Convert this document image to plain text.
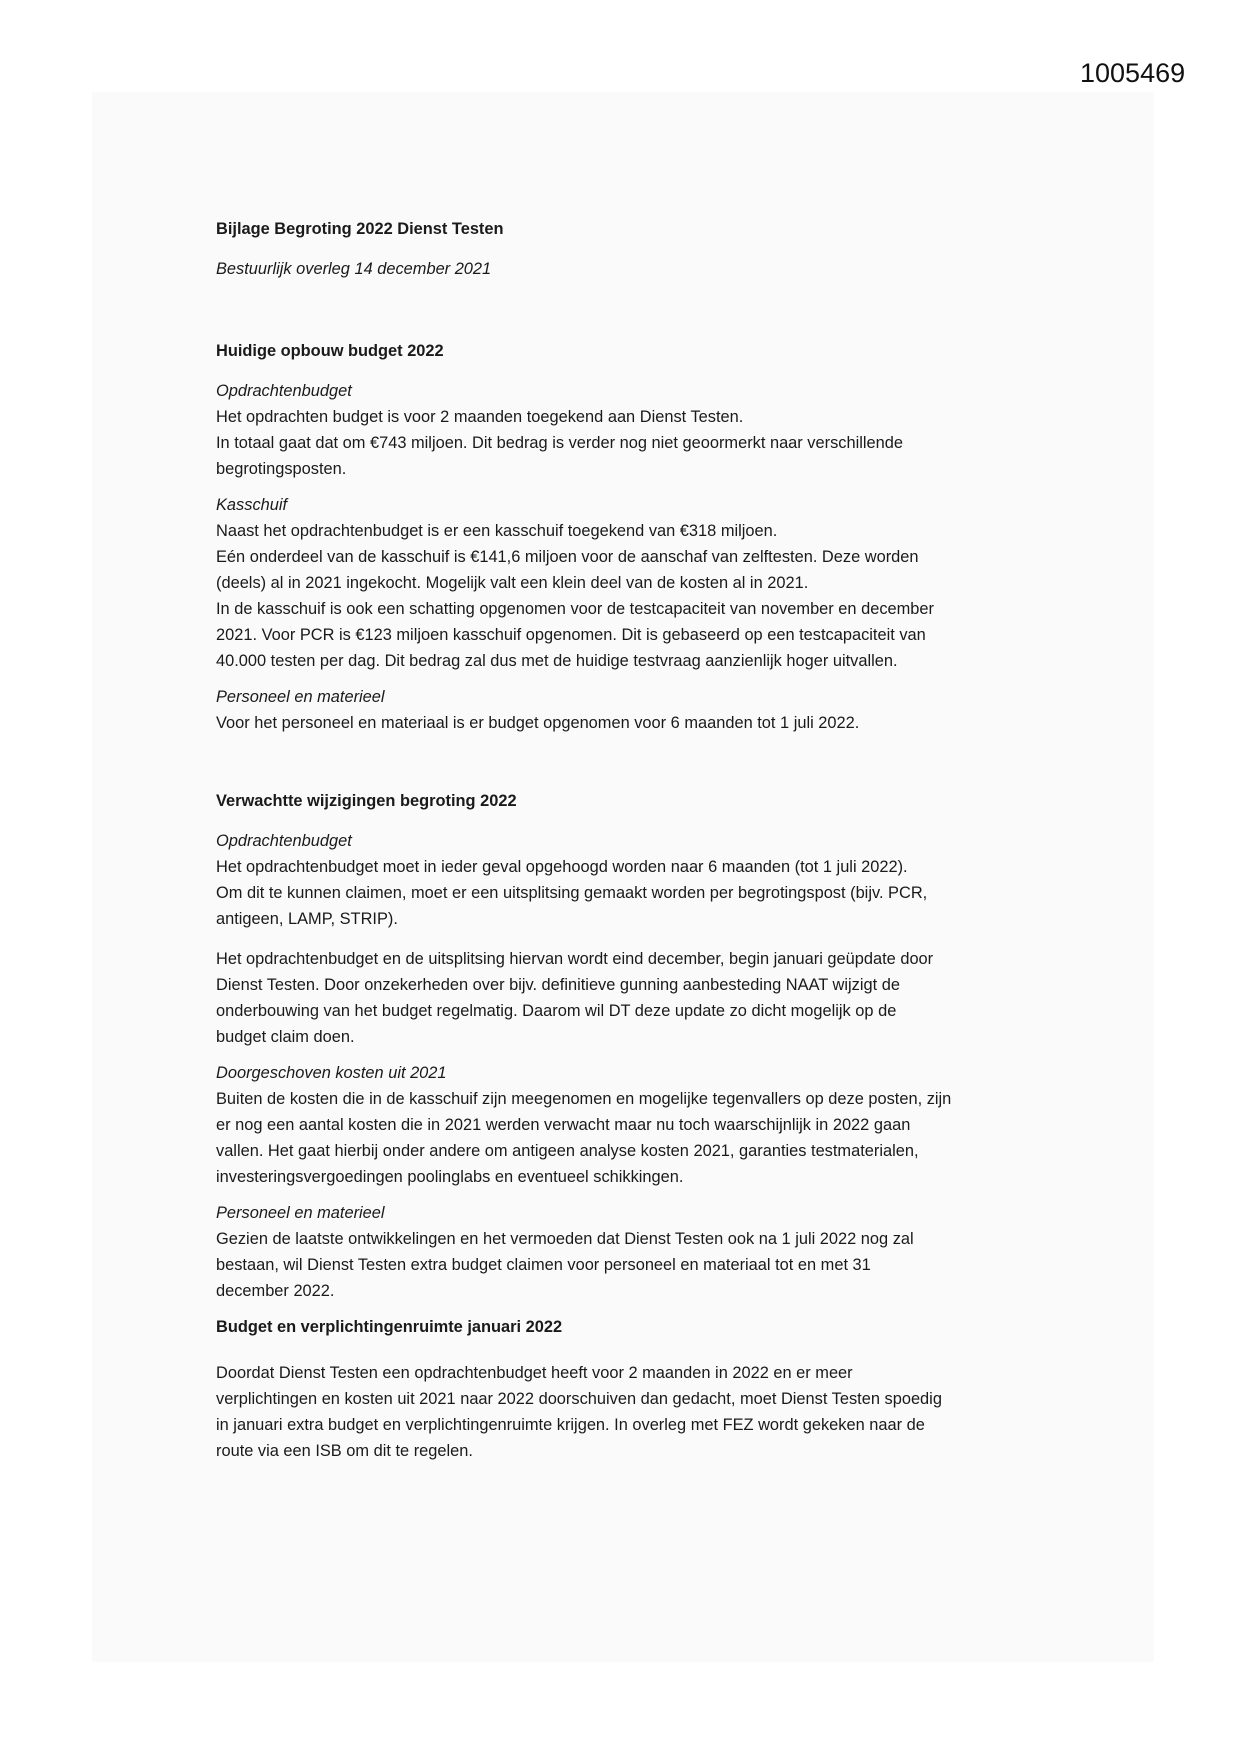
1005469

Bijlage Begroting 2022 Dienst Testen

Bestuurlijk overleg 14 december 2021

Huidige opbouw budget 2022

Opdrachtenbudget

Het opdrachten budget is voor 2 maanden toegekend aan Dienst Testen.

In totaal gaat dat om €743 miljoen. Dit bedrag is verder nog niet geoormerkt naar verschillende

begrotingsposten.

Kasschuif

Naast het opdrachtenbudget is er een kasschuif toegekend van €318 miljoen.

Eén onderdeel van de kasschuif is €141,6 miljoen voor de aanschaf van zelftesten. Deze worden

(deels) al in 2021 ingekocht. Mogelijk valt een klein deel van de kosten al in 2021.

In de kasschuif is ook een schatting opgenomen voor de testcapaciteit van november en december

2021. Voor PCR is €123 miljoen kasschuif opgenomen. Dit is gebaseerd op een testcapaciteit van

40.000 testen per dag. Dit bedrag zal dus met de huidige testvraag aanzienlijk hoger uitvallen.

Personeel en materieel

Voor het personeel en materiaal is er budget opgenomen voor 6 maanden tot 1 juli 2022.

Verwachtte wijzigingen begroting 2022

Opdrachtenbudget

Het opdrachtenbudget moet in ieder geval opgehoogd worden naar 6 maanden (tot 1 juli 2022).

Om dit te kunnen claimen, moet er een uitsplitsing gemaakt worden per begrotingspost (bijv. PCR,

antigeen, LAMP, STRIP).

Het opdrachtenbudget en de uitsplitsing hiervan wordt eind december, begin januari geüpdate door

Dienst Testen. Door onzekerheden over bijv. definitieve gunning aanbesteding NAAT wijzigt de

onderbouwing van het budget regelmatig. Daarom wil DT deze update zo dicht mogelijk op de

budget claim doen.

Doorgeschoven kosten uit 2021

Buiten de kosten die in de kasschuif zijn meegenomen en mogelijke tegenvallers op deze posten, zijn

er nog een aantal kosten die in 2021 werden verwacht maar nu toch waarschijnlijk in 2022 gaan

vallen. Het gaat hierbij onder andere om antigeen analyse kosten 2021, garanties testmaterialen,

investeringsvergoedingen poolinglabs en eventueel schikkingen.

Personeel en materieel

Gezien de laatste ontwikkelingen en het vermoeden dat Dienst Testen ook na 1 juli 2022 nog zal

bestaan, wil Dienst Testen extra budget claimen voor personeel en materiaal tot en met 31

december 2022.

Budget en verplichtingenruimte januari 2022

Doordat Dienst Testen een opdrachtenbudget heeft voor 2 maanden in 2022 en er meer

verplichtingen en kosten uit 2021 naar 2022 doorschuiven dan gedacht, moet Dienst Testen spoedig

in januari extra budget en verplichtingenruimte krijgen. In overleg met FEZ wordt gekeken naar de

route via een ISB om dit te regelen.
